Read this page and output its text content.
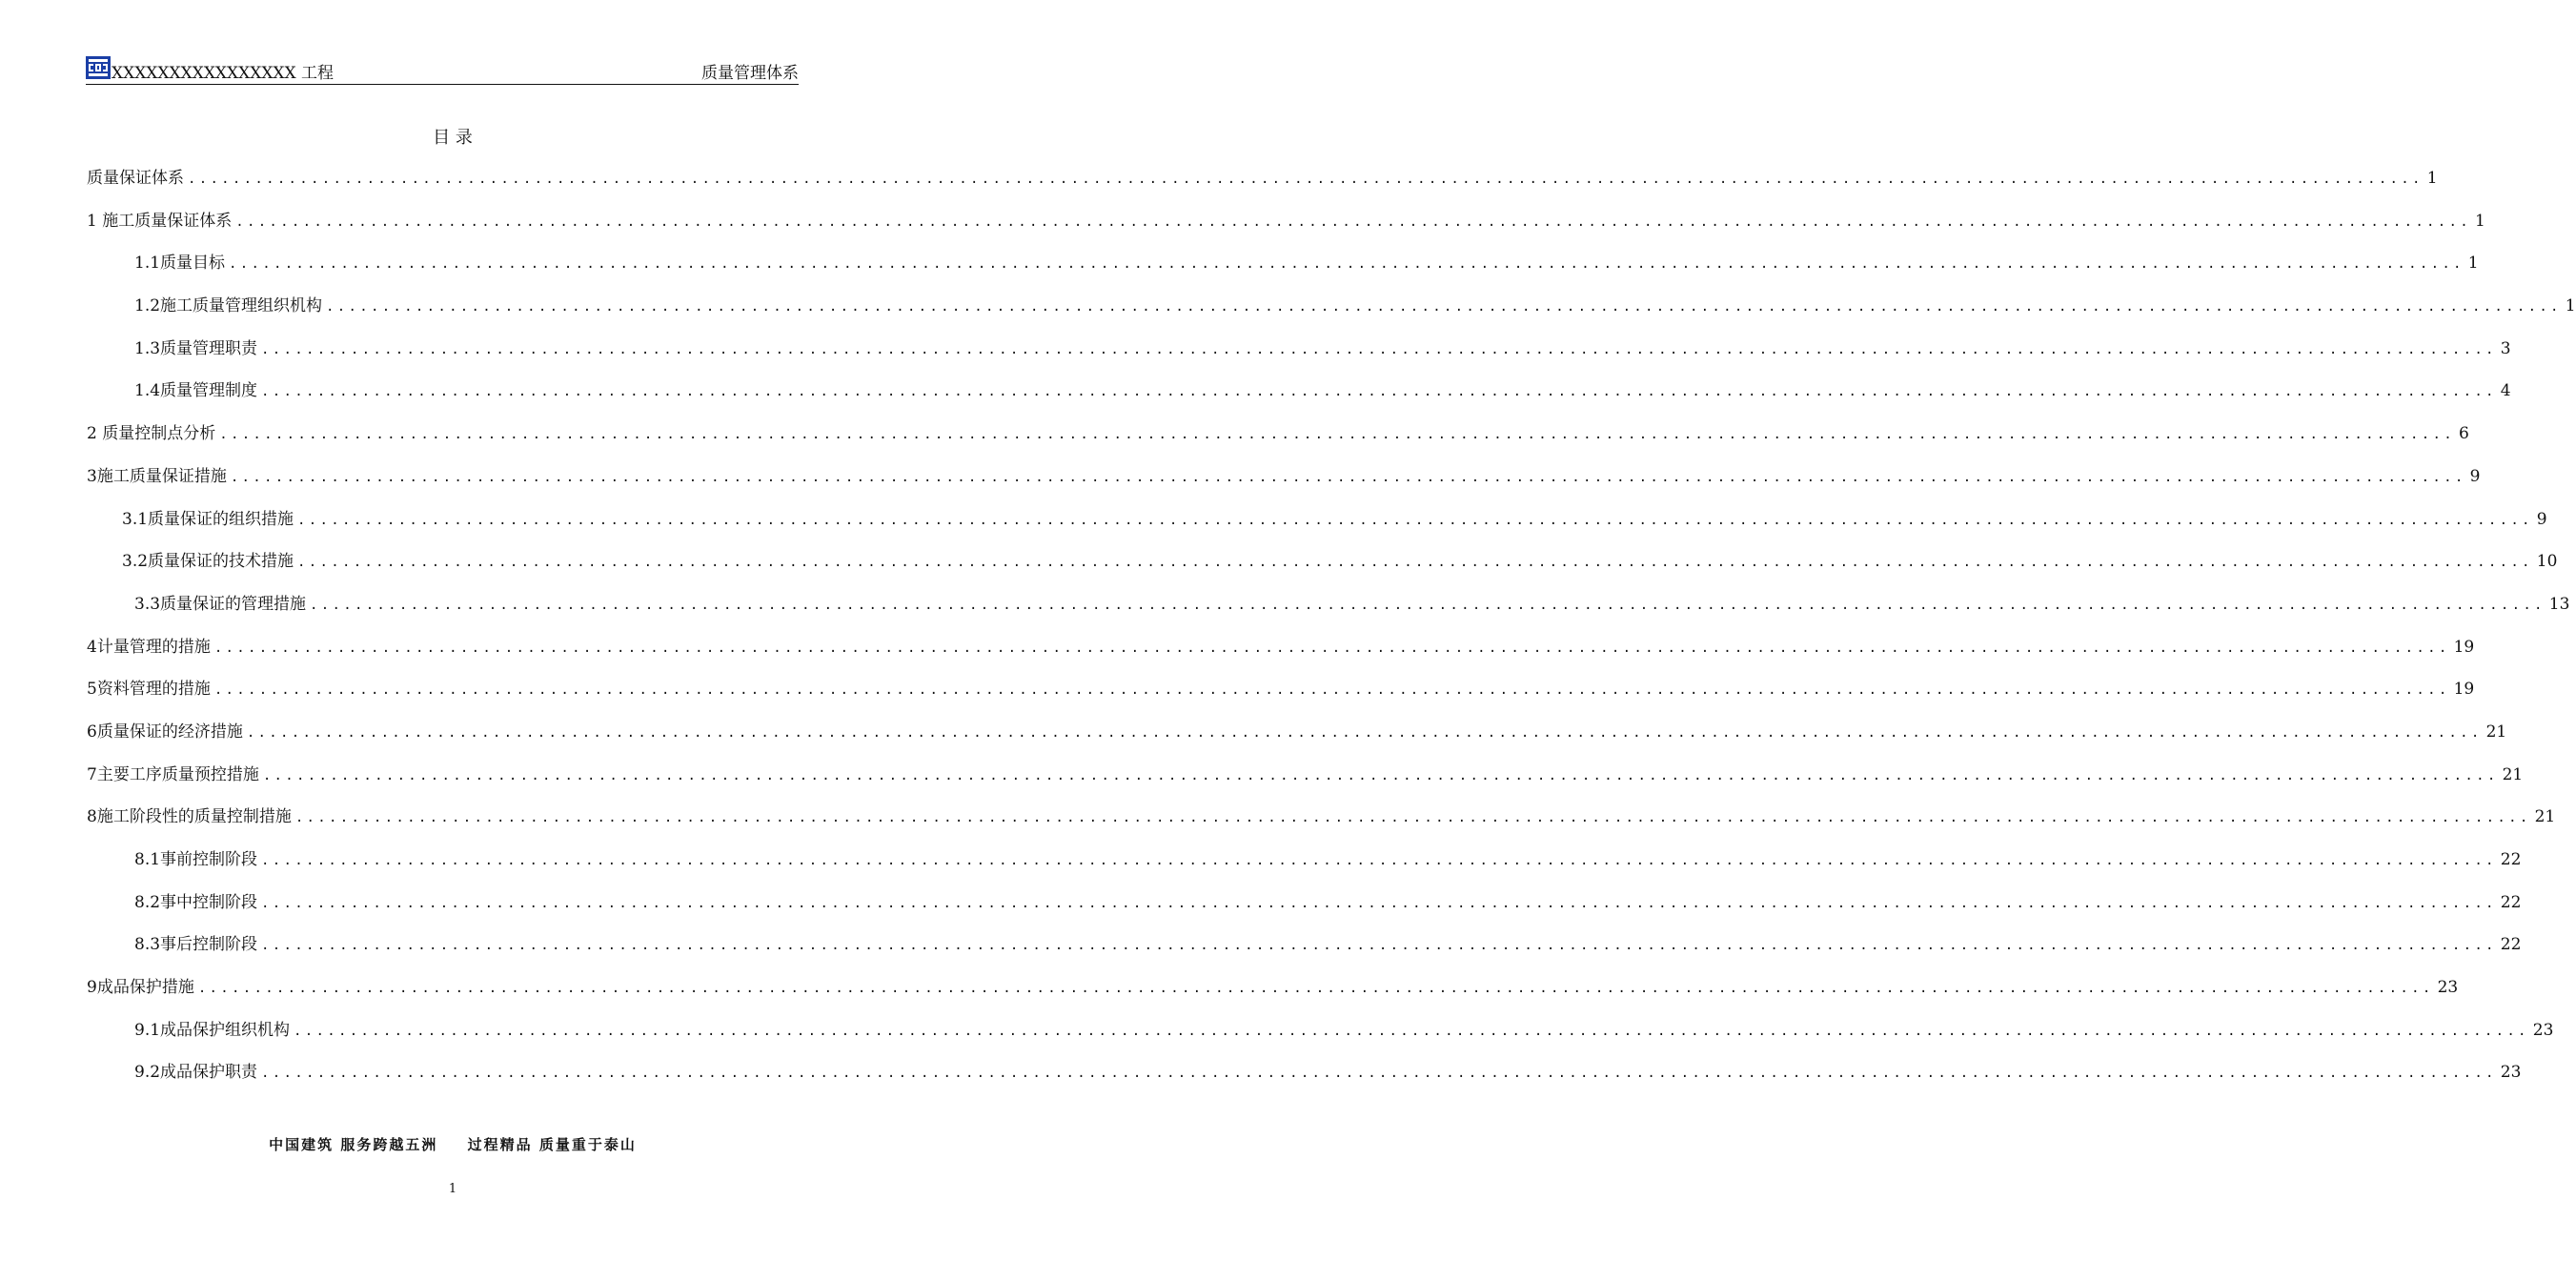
XXXXXXXXXXXXXXXX 工程	质量管理体系
目 录
质量保证体系 ........................................................................................................................................................................................................ 1
1 施工质量保证体系 ........................................................................................................................................................................................................ 1
1.1质量目标 ........................................................................................................................................................................................................ 1
1.2施工质量管理组织机构 ........................................................................................................................................................................................................ 1
1.3质量管理职责 ........................................................................................................................................................................................................ 3
1.4质量管理制度 ........................................................................................................................................................................................................ 4
2 质量控制点分析 ........................................................................................................................................................................................................ 6
3施工质量保证措施 ........................................................................................................................................................................................................ 9
3.1质量保证的组织措施 ........................................................................................................................................................................................................ 9
3.2质量保证的技术措施 ........................................................................................................................................................................................................ 10
3.3质量保证的管理措施 ........................................................................................................................................................................................................ 13
4计量管理的措施 ........................................................................................................................................................................................................ 19
5资料管理的措施 ........................................................................................................................................................................................................ 19
6质量保证的经济措施 ........................................................................................................................................................................................................ 21
7主要工序质量预控措施 ........................................................................................................................................................................................................ 21
8施工阶段性的质量控制措施 ........................................................................................................................................................................................................ 21
8.1事前控制阶段 ........................................................................................................................................................................................................ 22
8.2事中控制阶段 ........................................................................................................................................................................................................ 22
8.3事后控制阶段 ........................................................................................................................................................................................................ 22
9成品保护措施 ........................................................................................................................................................................................................ 23
9.1成品保护组织机构 ........................................................................................................................................................................................................ 23
9.2成品保护职责 ........................................................................................................................................................................................................ 23
中国建筑 服务跨越五洲 过程精品 质量重于泰山
1
